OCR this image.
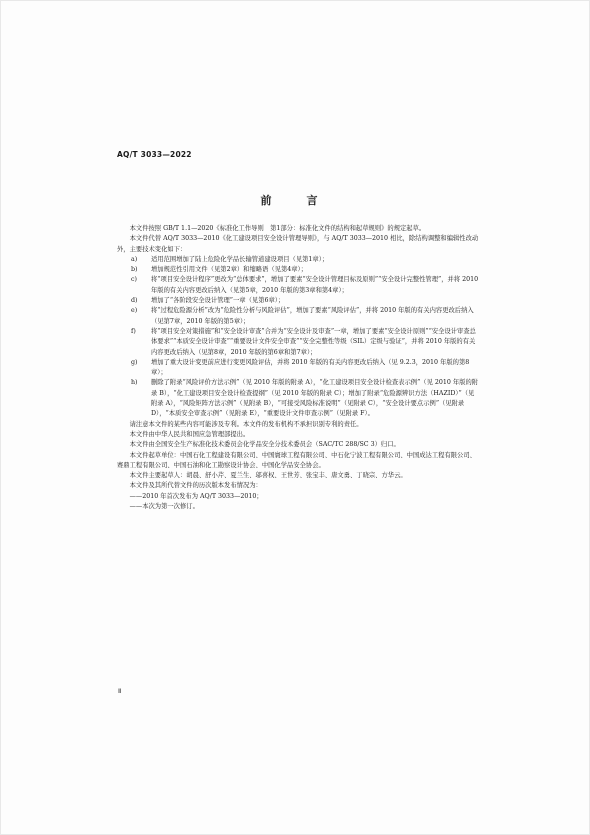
AQ/T 3033—2022
前　言

本文件按照 GB/T 1.1—2020《标准化工作导则　第1部分：标准化文件的结构和起草规则》的规定起草。

本文件代替 AQ/T 3033—2010《化工建设项目安全设计管理导则》，与 AQ/T 3033—2010 相比，除结构调整和编辑性改动外，主要技术变化如下：

a)	适用范围增加了陆上危险化学品长输管道建设项目（见第1章）；
b)	增加规范性引用文件（见第2章）和缩略语（见第4章）；
c)	将“项目安全设计程序”更改为“总体要求”，增加了要素“安全设计管理目标及原则”“安全设计完整性管理”，并将 2010 年版的有关内容更改后纳入（见第5章，2010 年版的第3章和第4章）；
d)	增加了“各阶段安全设计管理”一章（见第6章）；
e)	将“过程危险源分析”改为“危险性分析与风险评估”，增加了要素“风险评估”，并将 2010 年版的有关内容更改后纳入（见第7章，2010 年版的第5章）；
f)	将“项目安全对策措施”和“安全设计审查”合并为“安全设计及审查”一章，增加了要素“安全设计原则”“安全设计审查总体要求”“本质安全设计审查”“重要设计文件安全审查”“安全完整性等级（SIL）定级与验证”，并将 2010 年版的有关内容更改后纳入（见第8章，2010 年版的第6章和第7章）；
g)	增加了重大设计变更前应进行变更风险评估，并将 2010 年版的有关内容更改后纳入（见 9.2.3，2010 年版的第8章）；
h)	删除了附录“风险评价方法示例”（见 2010 年版的附录 A），“化工建设项目安全设计检查表示例”（见 2010 年版的附录 B），“化工建设项目安全设计检查提纲”（见 2010 年版的附录 C）；增加了附录“危险源辨识方法（HAZID）”（见附录 A），“风险矩阵方法示例”（见附录 B），“可接受风险标准说明”（见附录 C），“安全设计要点示例”（见附录 D），“本质安全审查示例”（见附录 E），“重要设计文件审查示例”（见附录 F）。

请注意本文件的某些内容可能涉及专利。本文件的发布机构不承担识别专利的责任。

本文件由中华人民共和国应急管理部提出。

本文件由全国安全生产标准化技术委员会化学品安全分技术委员会（SAC/TC 288/SC 3）归口。

本文件起草单位：中国石化工程建设有限公司、中国寰球工程有限公司、中石化宁波工程有限公司、中国成达工程有限公司、赛鼎工程有限公司、中国石油和化工勘察设计协会、中国化学品安全协会。

本文件主要起草人：胡晨、舒小芹、夏兰生、邬喜权、王世芳、张宝丰、唐文勇、丁晓宗、方华云。

本文件及其所代替文件的历次版本发布情况为：

——2010 年首次发布为 AQ/T 3033—2010；

——本次为第一次修订。

Ⅱ
